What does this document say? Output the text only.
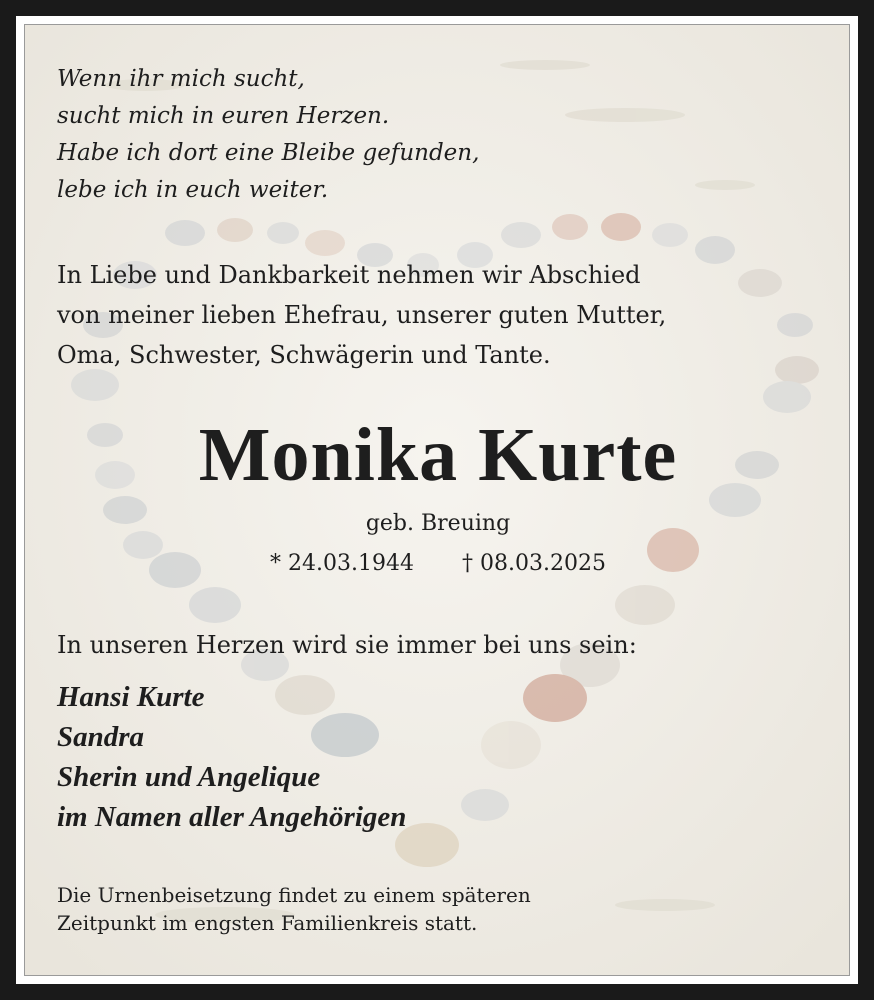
Wenn ihr mich sucht,
sucht mich in euren Herzen.
Habe ich dort eine Bleibe gefunden,
lebe ich in euch weiter.
In Liebe und Dankbarkeit nehmen wir Abschied
von meiner lieben Ehefrau, unserer guten Mutter,
Oma, Schwester, Schwägerin und Tante.
Monika Kurte
geb. Breuing
* 24.03.1944 † 08.03.2025
In unseren Herzen wird sie immer bei uns sein:
Hansi Kurte
Sandra
Sherin und Angelique
im Namen aller Angehörigen
Die Urnenbeisetzung findet zu einem späteren
Zeitpunkt im engsten Familienkreis statt.
